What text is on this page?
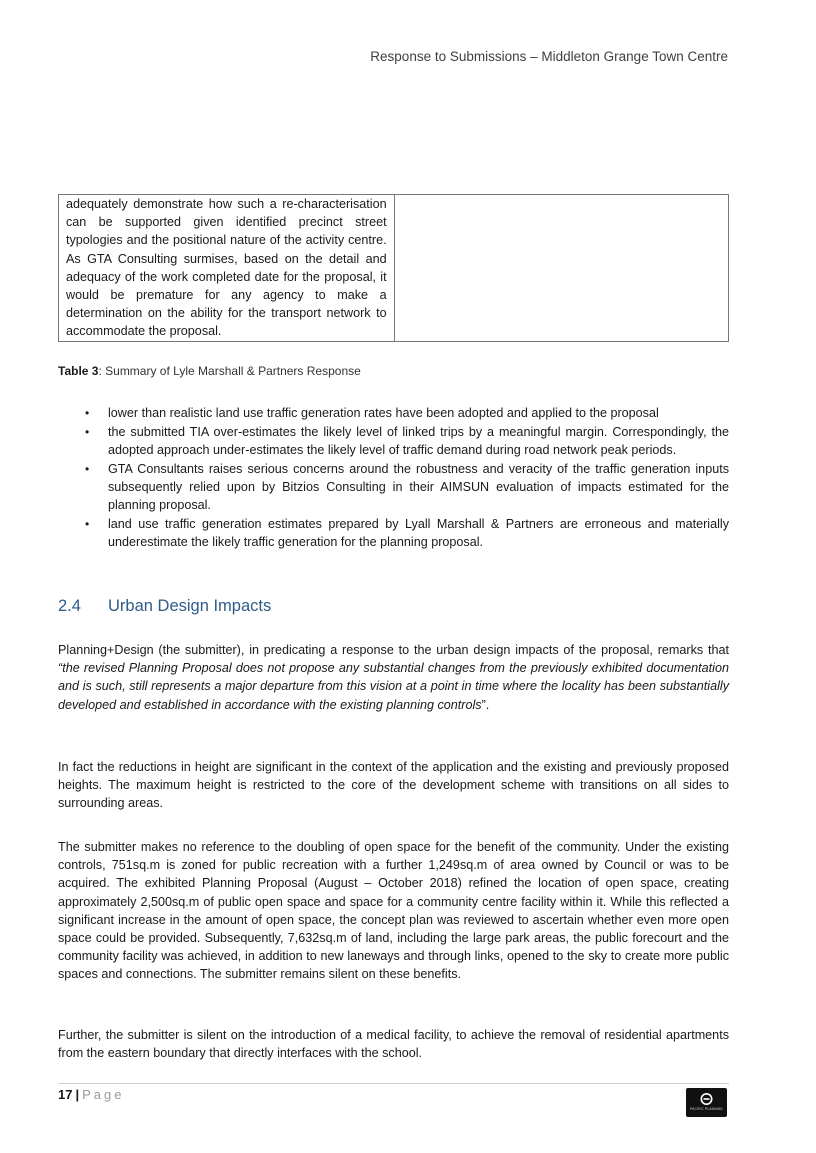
Response to Submissions – Middleton Grange Town Centre
adequately demonstrate how such a re-characterisation can be supported given identified precinct street typologies and the positional nature of the activity centre. As GTA Consulting surmises, based on the detail and adequacy of the work completed date for the proposal, it would be premature for any agency to make a determination on the ability for the transport network to accommodate the proposal.	
Table 3: Summary of Lyle Marshall & Partners Response
• lower than realistic land use traffic generation rates have been adopted and applied to the proposal
• the submitted TIA over-estimates the likely level of linked trips by a meaningful margin. Correspondingly, the adopted approach under-estimates the likely level of traffic demand during road network peak periods.
• GTA Consultants raises serious concerns around the robustness and veracity of the traffic generation inputs subsequently relied upon by Bitzios Consulting in their AIMSUN evaluation of impacts estimated for the planning proposal.
• land use traffic generation estimates prepared by Lyall Marshall & Partners are erroneous and materially underestimate the likely traffic generation for the planning proposal.
2.4 Urban Design Impacts

Planning+Design (the submitter), in predicating a response to the urban design impacts of the proposal, remarks that “the revised Planning Proposal does not propose any substantial changes from the previously exhibited documentation and is such, still represents a major departure from this vision at a point in time where the locality has been substantially developed and established in accordance with the existing planning controls”.

In fact the reductions in height are significant in the context of the application and the existing and previously proposed heights. The maximum height is restricted to the core of the development scheme with transitions on all sides to surrounding areas.

The submitter makes no reference to the doubling of open space for the benefit of the community. Under the existing controls, 751sq.m is zoned for public recreation with a further 1,249sq.m of area owned by Council or was to be acquired. The exhibited Planning Proposal (August – October 2018) refined the location of open space, creating approximately 2,500sq.m of public open space and space for a community centre facility within it. While this reflected a significant increase in the amount of open space, the concept plan was reviewed to ascertain whether even more open space could be provided. Subsequently, 7,632sq.m of land, including the large park areas, the public forecourt and the community facility was achieved, in addition to new laneways and through links, opened to the sky to create more public spaces and connections. The submitter remains silent on these benefits.

Further, the submitter is silent on the introduction of a medical facility, to achieve the removal of residential apartments from the eastern boundary that directly interfaces with the school.

17 | Page
PACIFIC PLANNING
